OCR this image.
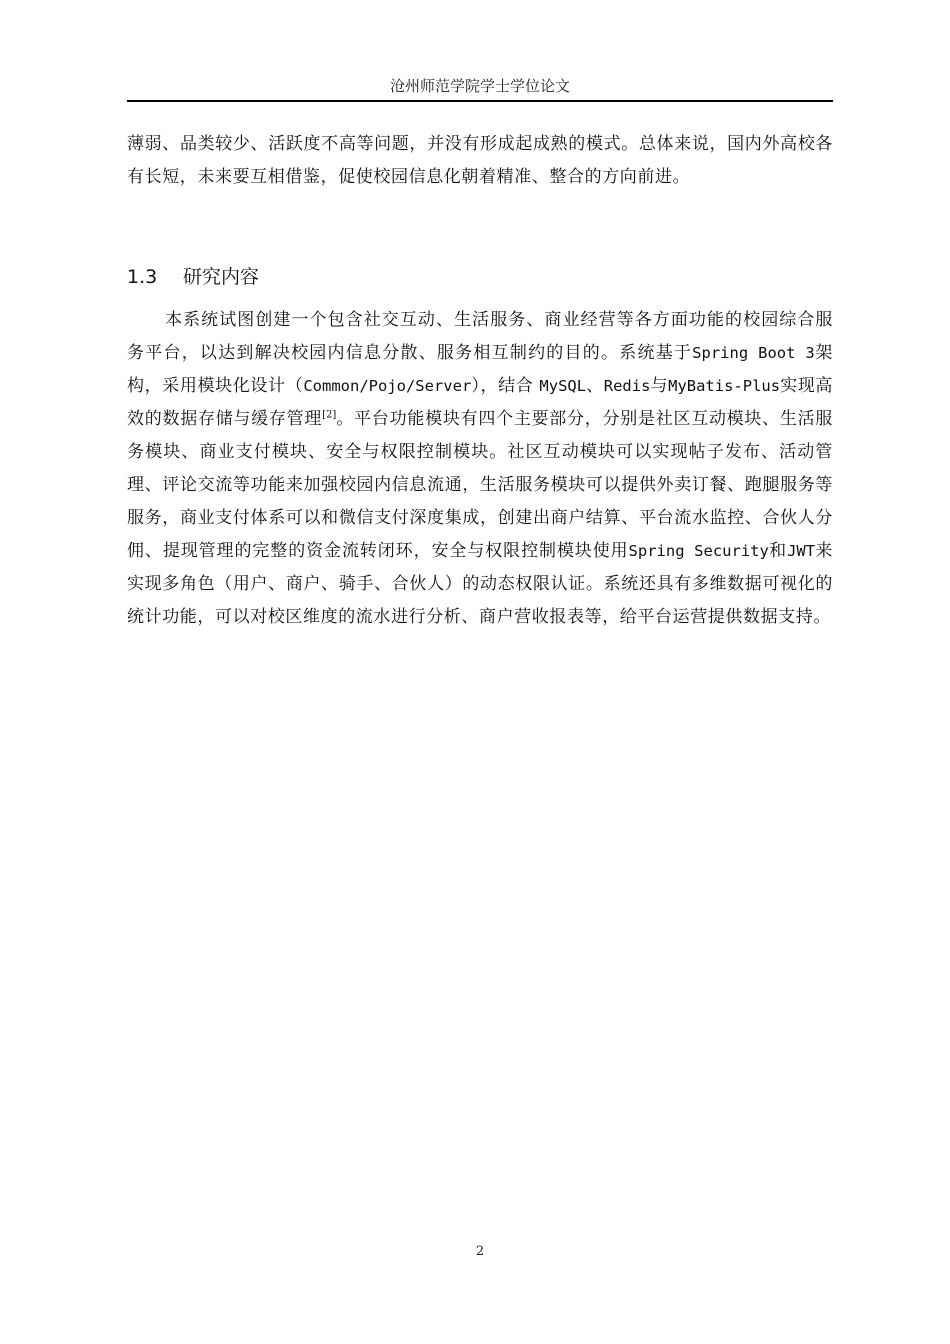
沧州师范学院学士学位论文

薄弱、品类较少、活跃度不高等问题，并没有形成起成熟的模式。总体来说，国内外高校各有长短，未来要互相借鉴，促使校园信息化朝着精准、整合的方向前进。

1.3 研究内容

本系统试图创建一个包含社交互动、生活服务、商业经营等各方面功能的校园综合服务平台，以达到解决校园内信息分散、服务相互制约的目的。系统基于Spring Boot 3架构，采用模块化设计（Common/Pojo/Server），结合 MySQL、Redis与MyBatis-Plus实现高效的数据存储与缓存管理[2]。平台功能模块有四个主要部分，分别是社区互动模块、生活服务模块、商业支付模块、安全与权限控制模块。社区互动模块可以实现帖子发布、活动管理、评论交流等功能来加强校园内信息流通，生活服务模块可以提供外卖订餐、跑腿服务等服务，商业支付体系可以和微信支付深度集成，创建出商户结算、平台流水监控、合伙人分佣、提现管理的完整的资金流转闭环，安全与权限控制模块使用Spring Security和JWT来实现多角色（用户、商户、骑手、合伙人）的动态权限认证。系统还具有多维数据可视化的统计功能，可以对校区维度的流水进行分析、商户营收报表等，给平台运营提供数据支持。

2
